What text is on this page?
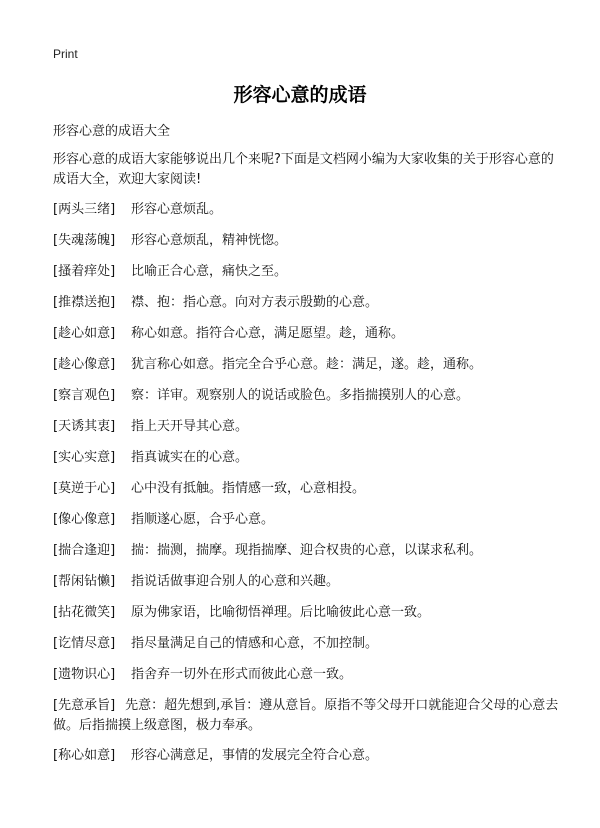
Print
形容心意的成语
形容心意的成语大全
形容心意的成语大家能够说出几个来呢?下面是文档网小编为大家收集的关于形容心意的成语大全，欢迎大家阅读!
[两头三绪] 形容心意烦乱。
[失魂荡魄] 形容心意烦乱，精神恍惚。
[搔着痒处] 比喻正合心意，痛快之至。
[推襟送抱] 襟、抱：指心意。向对方表示殷勤的心意。
[趁心如意] 称心如意。指符合心意，满足愿望。趁，通称。
[趁心像意] 犹言称心如意。指完全合乎心意。趁：满足，遂。趁，通称。
[察言观色] 察：详审。观察别人的说话或脸色。多指揣摸别人的心意。
[天诱其衷] 指上天开导其心意。
[实心实意] 指真诚实在的心意。
[莫逆于心] 心中没有抵触。指情感一致，心意相投。
[像心像意] 指顺遂心愿，合乎心意。
[揣合逢迎] 揣：揣测，揣摩。现指揣摩、迎合权贵的心意，以谋求私利。
[帮闲钻懒] 指说话做事迎合别人的心意和兴趣。
[拈花微笑] 原为佛家语，比喻彻悟禅理。后比喻彼此心意一致。
[讫情尽意] 指尽量满足自己的情感和心意，不加控制。
[遗物识心] 指舍弃一切外在形式而彼此心意一致。
[先意承旨] 先意：超先想到,承旨：遵从意旨。原指不等父母开口就能迎合父母的心意去做。后指揣摸上级意图，极力奉承。
[称心如意] 形容心满意足，事情的发展完全符合心意。
